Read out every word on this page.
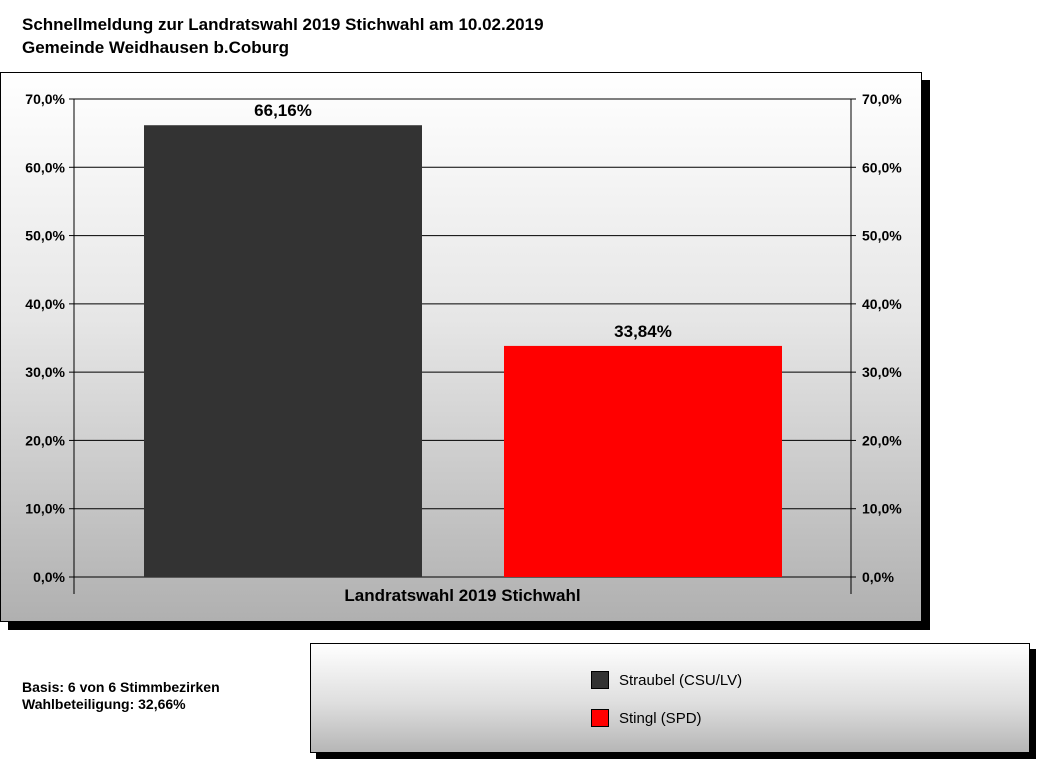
Schnellmeldung zur Landratswahl 2019 Stichwahl am 10.02.2019
Gemeinde Weidhausen b.Coburg
0,0%	0,0%
10,0%	10,0%
20,0%	20,0%
30,0%	30,0%
40,0%	40,0%
50,0%	50,0%
60,0%	60,0%
70,0%	70,0%
66,16%
33,84%
Landratswahl 2019 Stichwahl
Straubel (CSU/LV)
Stingl (SPD)
Basis: 6 von 6 Stimmbezirken
Wahlbeteiligung: 32,66%
